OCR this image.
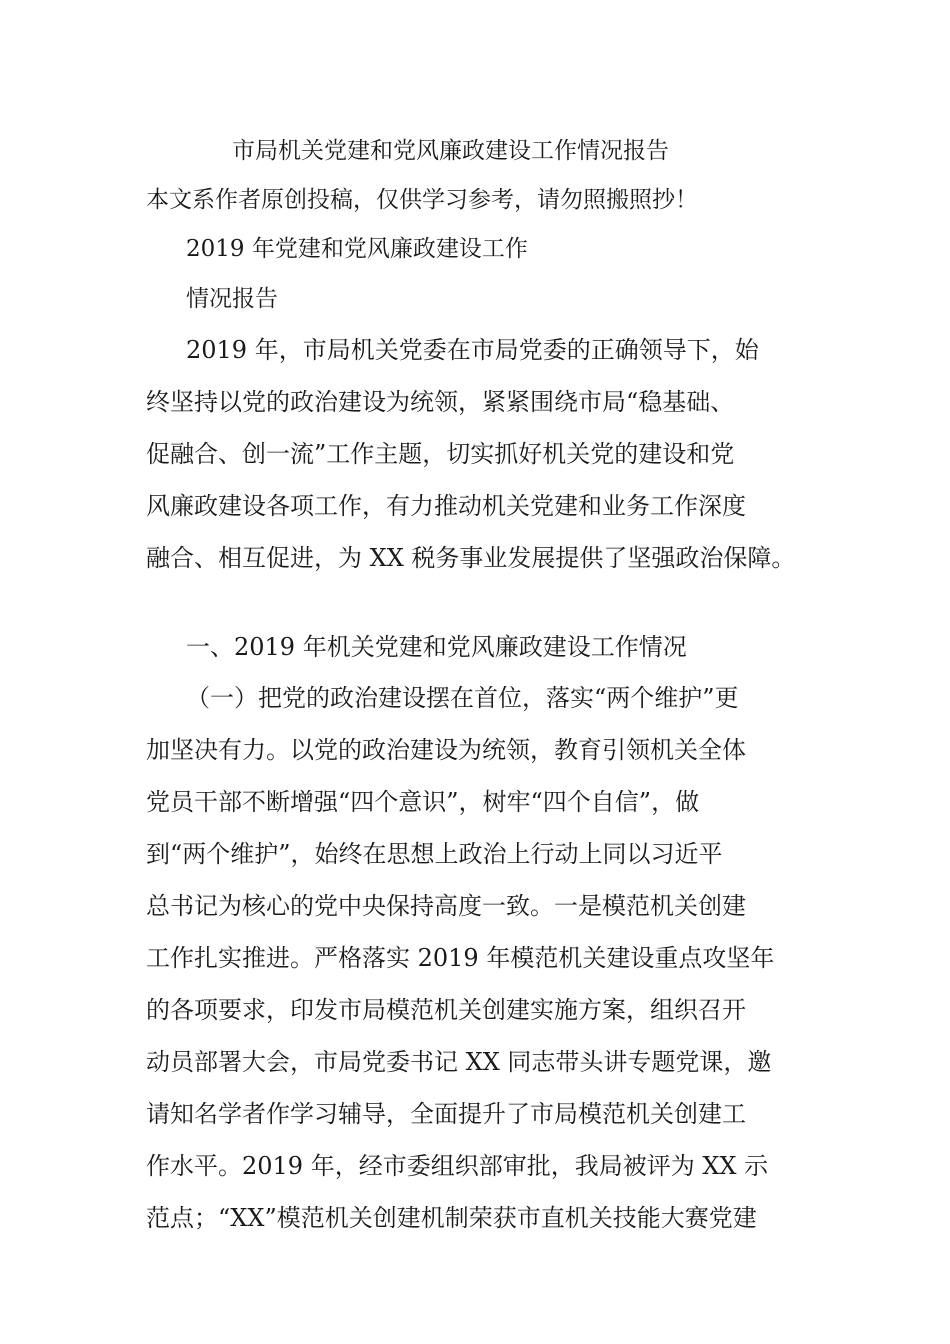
市局机关党建和党风廉政建设工作情况报告
本文系作者原创投稿，仅供学习参考，请勿照搬照抄！
2019 年党建和党风廉政建设工作
情况报告
2019 年，市局机关党委在市局党委的正确领导下，始
终坚持以党的政治建设为统领，紧紧围绕市局“稳基础、
促融合、创一流”工作主题，切实抓好机关党的建设和党
风廉政建设各项工作，有力推动机关党建和业务工作深度
融合、相互促进，为 XX 税务事业发展提供了坚强政治保障。
一、2019 年机关党建和党风廉政建设工作情况
（一）把党的政治建设摆在首位，落实“两个维护”更
加坚决有力。以党的政治建设为统领，教育引领机关全体
党员干部不断增强“四个意识”，树牢“四个自信”，做
到“两个维护”，始终在思想上政治上行动上同以习近平
总书记为核心的党中央保持高度一致。一是模范机关创建
工作扎实推进。严格落实 2019 年模范机关建设重点攻坚年
的各项要求，印发市局模范机关创建实施方案，组织召开
动员部署大会，市局党委书记 XX 同志带头讲专题党课，邀
请知名学者作学习辅导，全面提升了市局模范机关创建工
作水平。2019 年，经市委组织部审批，我局被评为 XX 示
范点；“XX”模范机关创建机制荣获市直机关技能大赛党建
